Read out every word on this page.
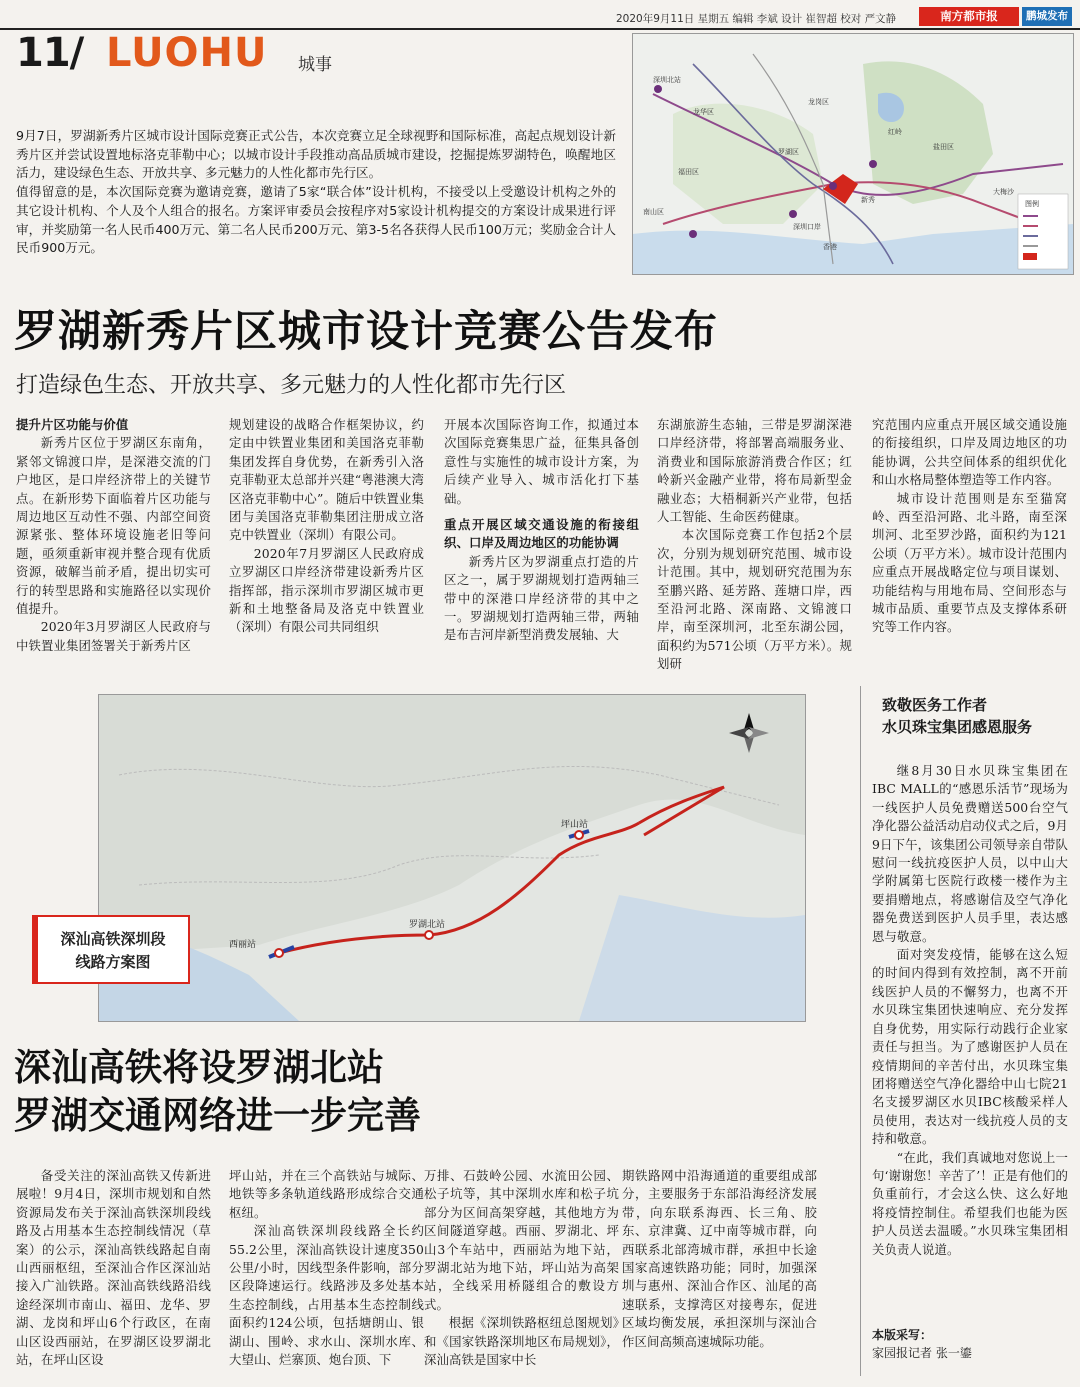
2020年9月11日 星期五 编辑 李斌 设计 崔智超 校对 严文静	南方都市报	鹏城发布
11/ LUOHU 城事

9月7日，罗湖新秀片区城市设计国际竞赛正式公告，本次竞赛立足全球视野和国际标准，高起点规划设计新秀片区并尝试设置地标洛克菲勒中心；以城市设计手段推动高品质城市建设，挖掘提炼罗湖特色，唤醒地区活力，建设绿色生态、开放共享、多元魅力的人性化都市先行区。

值得留意的是，本次国际竞赛为邀请竞赛，邀请了5家“联合体”设计机构，不接受以上受邀设计机构之外的其它设计机构、个人及个人组合的报名。方案评审委员会按程序对5家设计机构提交的方案设计成果进行评审，并奖励第一名人民币400万元、第二名人民币200万元、第3-5名各获得人民币100万元；奖励金合计人民币900万元。

深圳北站
龙华区
龙岗区
福田区
罗湖区
南山区
盐田区
深圳口岸
香港
新秀
大梅沙
红岭
图例
罗湖新秀片区城市设计竞赛公告发布
打造绿色生态、开放共享、多元魅力的人性化都市先行区
提升片区功能与价值

新秀片区位于罗湖区东南角，紧邻文锦渡口岸，是深港交流的门户地区，是口岸经济带上的关键节点。在新形势下面临着片区功能与周边地区互动性不强、内部空间资源紧张、整体环境设施老旧等问题，亟须重新审视并整合现有优质资源，破解当前矛盾，提出切实可行的转型思路和实施路径以实现价值提升。

2020年3月罗湖区人民政府与中铁置业集团签署关于新秀片区

规划建设的战略合作框架协议，约定由中铁置业集团和美国洛克菲勒集团发挥自身优势，在新秀引入洛克菲勒亚太总部并兴建“粤港澳大湾区洛克菲勒中心”。随后中铁置业集团与美国洛克菲勒集团注册成立洛克中铁置业（深圳）有限公司。

2020年7月罗湖区人民政府成立罗湖区口岸经济带建设新秀片区指挥部，指示深圳市罗湖区城市更新和土地整备局及洛克中铁置业（深圳）有限公司共同组织

开展本次国际咨询工作，拟通过本次国际竞赛集思广益，征集具备创意性与实施性的城市设计方案，为后续产业导入、城市活化打下基础。

重点开展区域交通设施的衔接组织、口岸及周边地区的功能协调

新秀片区为罗湖重点打造的片区之一，属于罗湖规划打造两轴三带中的深港口岸经济带的其中之一。罗湖规划打造两轴三带，两轴是布吉河岸新型消费发展轴、大

东湖旅游生态轴，三带是罗湖深港口岸经济带，将部署高端服务业、消费业和国际旅游消费合作区；红岭新兴金融产业带，将布局新型金融业态；大梧桐新兴产业带，包括人工智能、生命医药健康。

本次国际竞赛工作包括2个层次，分别为规划研究范围、城市设计范围。其中，规划研究范围为东至鹏兴路、延芳路、莲塘口岸，西至沿河北路、深南路、文锦渡口岸，南至深圳河，北至东湖公园，面积约为571公顷（万平方米）。规划研

究范围内应重点开展区域交通设施的衔接组织，口岸及周边地区的功能协调，公共空间体系的组织优化和山水格局整体塑造等工作内容。

城市设计范围则是东至猫窝岭、西至沿河路、北斗路，南至深圳河、北至罗沙路，面积约为121公顷（万平方米）。城市设计范围内应重点开展战略定位与项目谋划、功能结构与用地布局、空间形态与城市品质、重要节点及支撑体系研究等工作内容。

西丽站
罗湖北站
坪山站
深汕高铁深圳段
线路方案图
深汕高铁将设罗湖北站
罗湖交通网络进一步完善

备受关注的深汕高铁又传新进展啦！9月4日，深圳市规划和自然资源局发布关于深汕高铁深圳段线路及占用基本生态控制线情况（草案）的公示，深汕高铁线路起自南山西丽枢纽，至深汕合作区深汕站接入广汕铁路。深汕高铁线路沿线途经深圳市南山、福田、龙华、罗湖、龙岗和坪山6个行政区，在南山区设西丽站，在罗湖区设罗湖北站，在坪山区设

坪山站，并在三个高铁站与城际、地铁等多条轨道线路形成综合交通枢纽。

深汕高铁深圳段线路全长约55.2公里，深汕高铁设计速度350公里/小时，因线型条件影响，部分区段降速运行。线路涉及多处基本生态控制线，占用基本生态控制线面积约124公顷，包括塘朗山、银湖山、围岭、求水山、深圳水库、大望山、烂寨顶、炮台顶、下

万排、石鼓岭公园、水流田公园、松子坑等，其中深圳水库和松子坑部分为区间高架穿越，其他地方为区间隧道穿越。西丽、罗湖北、坪山3个车站中，西丽站为地下站，罗湖北站为地下站，坪山站为高架站，全线采用桥隧组合的敷设方式。

根据《深圳铁路枢纽总图规划》和《国家铁路深圳地区布局规划》，深汕高铁是国家中长

期铁路网中沿海通道的重要组成部分，主要服务于东部沿海经济发展带，向东联系海西、长三角、胶东、京津冀、辽中南等城市群，向西联系北部湾城市群，承担中长途国家高速铁路功能；同时，加强深圳与惠州、深汕合作区、汕尾的高速联系，支撑湾区对接粤东，促进区域均衡发展，承担深圳与深汕合作区间高频高速城际功能。

致敬医务工作者
水贝珠宝集团感恩服务

继8月30日水贝珠宝集团在IBC MALL的“感恩乐活节”现场为一线医护人员免费赠送500台空气净化器公益活动启动仪式之后，9月9日下午，该集团公司领导亲自带队慰问一线抗疫医护人员，以中山大学附属第七医院行政楼一楼作为主要捐赠地点，将感谢信及空气净化器免费送到医护人员手里，表达感恩与敬意。

面对突发疫情，能够在这么短的时间内得到有效控制，离不开前线医护人员的不懈努力，也离不开水贝珠宝集团快速响应、充分发挥自身优势，用实际行动践行企业家责任与担当。为了感谢医护人员在疫情期间的辛苦付出，水贝珠宝集团将赠送空气净化器给中山七院21名支援罗湖区水贝IBC核酸采样人员使用，表达对一线抗疫人员的支持和敬意。

“在此，我们真诚地对您说上一句‘谢谢您！辛苦了’！正是有他们的负重前行，才会这么快、这么好地将疫情控制住。希望我们也能为医护人员送去温暖。”水贝珠宝集团相关负责人说道。

本版采写：
家园报记者 张一鎏
